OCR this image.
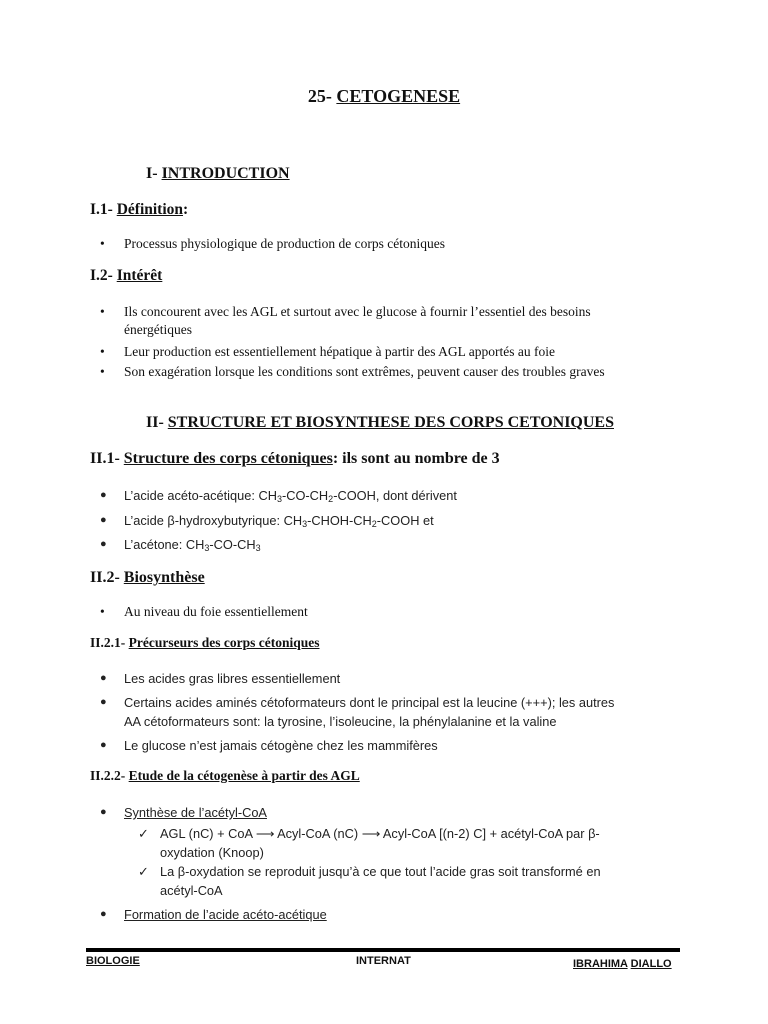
25- CETOGENESE
I- INTRODUCTION
I.1- Définition:
• Processus physiologique de production de corps cétoniques
I.2- Intérêt
• Ils concourent avec les AGL et surtout avec le glucose à fournir l’essentiel des besoins
énergétiques
• Leur production est essentiellement hépatique à partir des AGL apportés au foie
• Son exagération lorsque les conditions sont extrêmes, peuvent causer des troubles graves
II- STRUCTURE ET BIOSYNTHESE DES CORPS CETONIQUES
II.1- Structure des corps cétoniques: ils sont au nombre de 3
● L’acide acéto-acétique: $CH_3-CO-CH_2$-COOH, dont dérivent
● L’acide β-hydroxybutyrique: $CH_3-CHOH-CH_2$-COOH et
● L’acétone: $CH_3-CO-CH_3$
II.2- Biosynthèse
• Au niveau du foie essentiellement
II.2.1- Précurseurs des corps cétoniques
● Les acides gras libres essentiellement
● Certains acides aminés cétoformateurs dont le principal est la leucine (+++); les autres
AA cétoformateurs sont: la tyrosine, l’isoleucine, la phénylalanine et la valine
● Le glucose n’est jamais cétogène chez les mammifères
II.2.2- Etude de la cétogenèse à partir des AGL
● Synthèse de l’acétyl-CoA
✓ AGL (nC) + CoA ⟶ Acyl-CoA (nC) ⟶ Acyl-CoA [(n-2) C] + acétyl-CoA par β-
oxydation (Knoop)
✓ La β-oxydation se reproduit jusqu’à ce que tout l’acide gras soit transformé en
acétyl-CoA
● Formation de l’acide acéto-acétique
BIOLOGIE	INTERNAT	IBRAHIMA DIALLO
